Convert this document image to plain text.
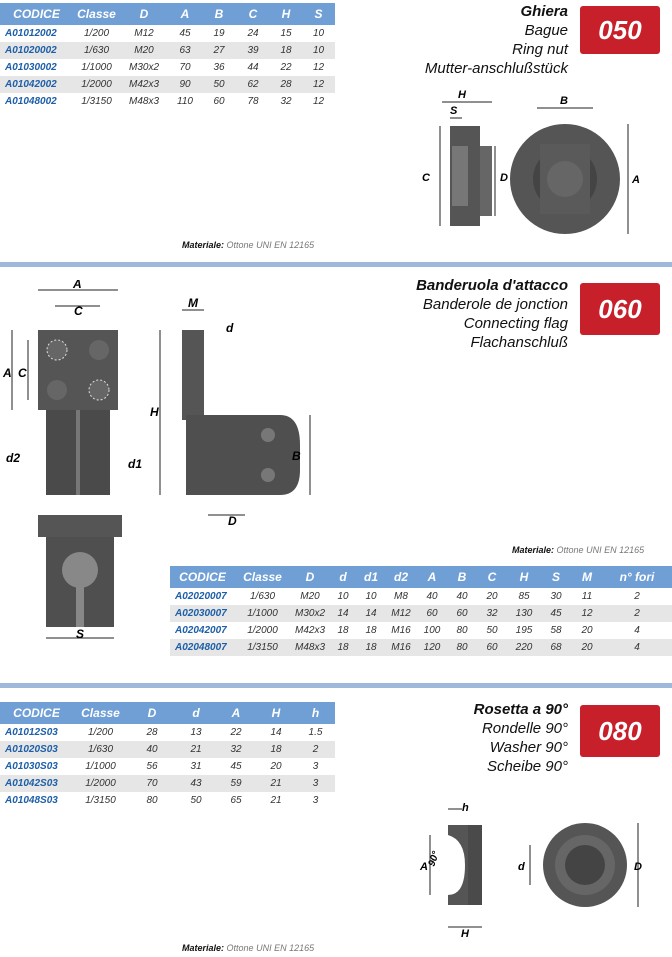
CODICE	Classe	D	A	B	C	H	S
A01012002	1/200	M12	45	19	24	15	10
A01020002	1/630	M20	63	27	39	18	10
A01030002	1/1000	M30x2	70	36	44	22	12
A01042002	1/2000	M42x3	90	50	62	28	12
A01048002	1/3150	M48x3	110	60	78	32	12
Ghiera
Bague
Ring nut
Mutter-anschlußstück
050
H
S
C	D
B
A
Materiale: Ottone UNI EN 12165
Banderuola d'attacco
Banderole de jonction
Connecting flag
Flachanschluß
060
A
C
A C
d2	d1
M
d
H
B
D
S
Materiale: Ottone UNI EN 12165
CODICE	Classe	D	d	d1	d2	A	B	C	H	S	M	n° fori
A02020007	1/630	M20	10	10	M8	40	40	20	85	30	11	2
A02030007	1/1000	M30x2	14	14	M12	60	60	32	130	45	12	2
A02042007	1/2000	M42x3	18	18	M16	100	80	50	195	58	20	4
A02048007	1/3150	M48x3	18	18	M16	120	80	60	220	68	20	4
CODICE	Classe	D	d	A	H	h
A01012S03	1/200	28	13	22	14	1.5
A01020S03	1/630	40	21	32	18	2
A01030S03	1/1000	56	31	45	20	3
A01042S03	1/2000	70	43	59	21	3
A01048S03	1/3150	80	50	65	21	3
Rosetta a 90°
Rondelle 90°
Washer 90°
Scheibe 90°
080
h
90°
A
H
d	D
Materiale: Ottone UNI EN 12165
